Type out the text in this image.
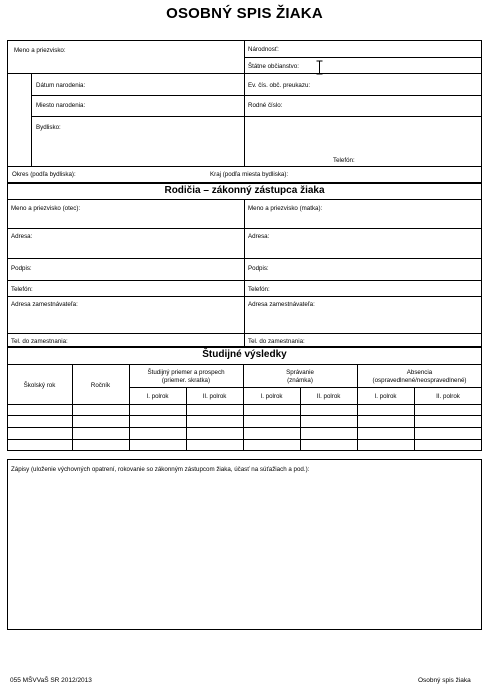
OSOBNÝ SPIS ŽIAKA
Meno a priezvisko:	Národnosť:
Štátne občianstvo:
Dátum narodenia:	Ev. čís. obč. preukazu:
Miesto narodenia:	Rodné číslo:
Bydlisko:
Telefón:
Okres (podľa bydliska):	Kraj (podľa miesta bydliska):
Rodičia – zákonný zástupca žiaka
Meno a priezvisko (otec):	Meno a priezvisko (matka):
Adresa:	Adresa:
Podpis:	Podpis:
Telefón:	Telefón:
Adresa zamestnávateľa:	Adresa zamestnávateľa:
Tel. do zamestnania:	Tel. do zamestnania:
Študijné výsledky
Školský rok	Ročník
Študijný priemer a prospech
(priemer. skratka)
Správanie
(známka)
Absencia
(ospravedlnené/neospravedlnené)
I. polrok	II. polrok	I. polrok	II. polrok	I. polrok	II. polrok
Zápisy (uloženie výchovných opatrení, rokovanie so zákonným zástupcom žiaka, účasť na súťažiach a pod.):
055 MŠVVaŠ SR 2012/2013	Osobný spis žiaka
